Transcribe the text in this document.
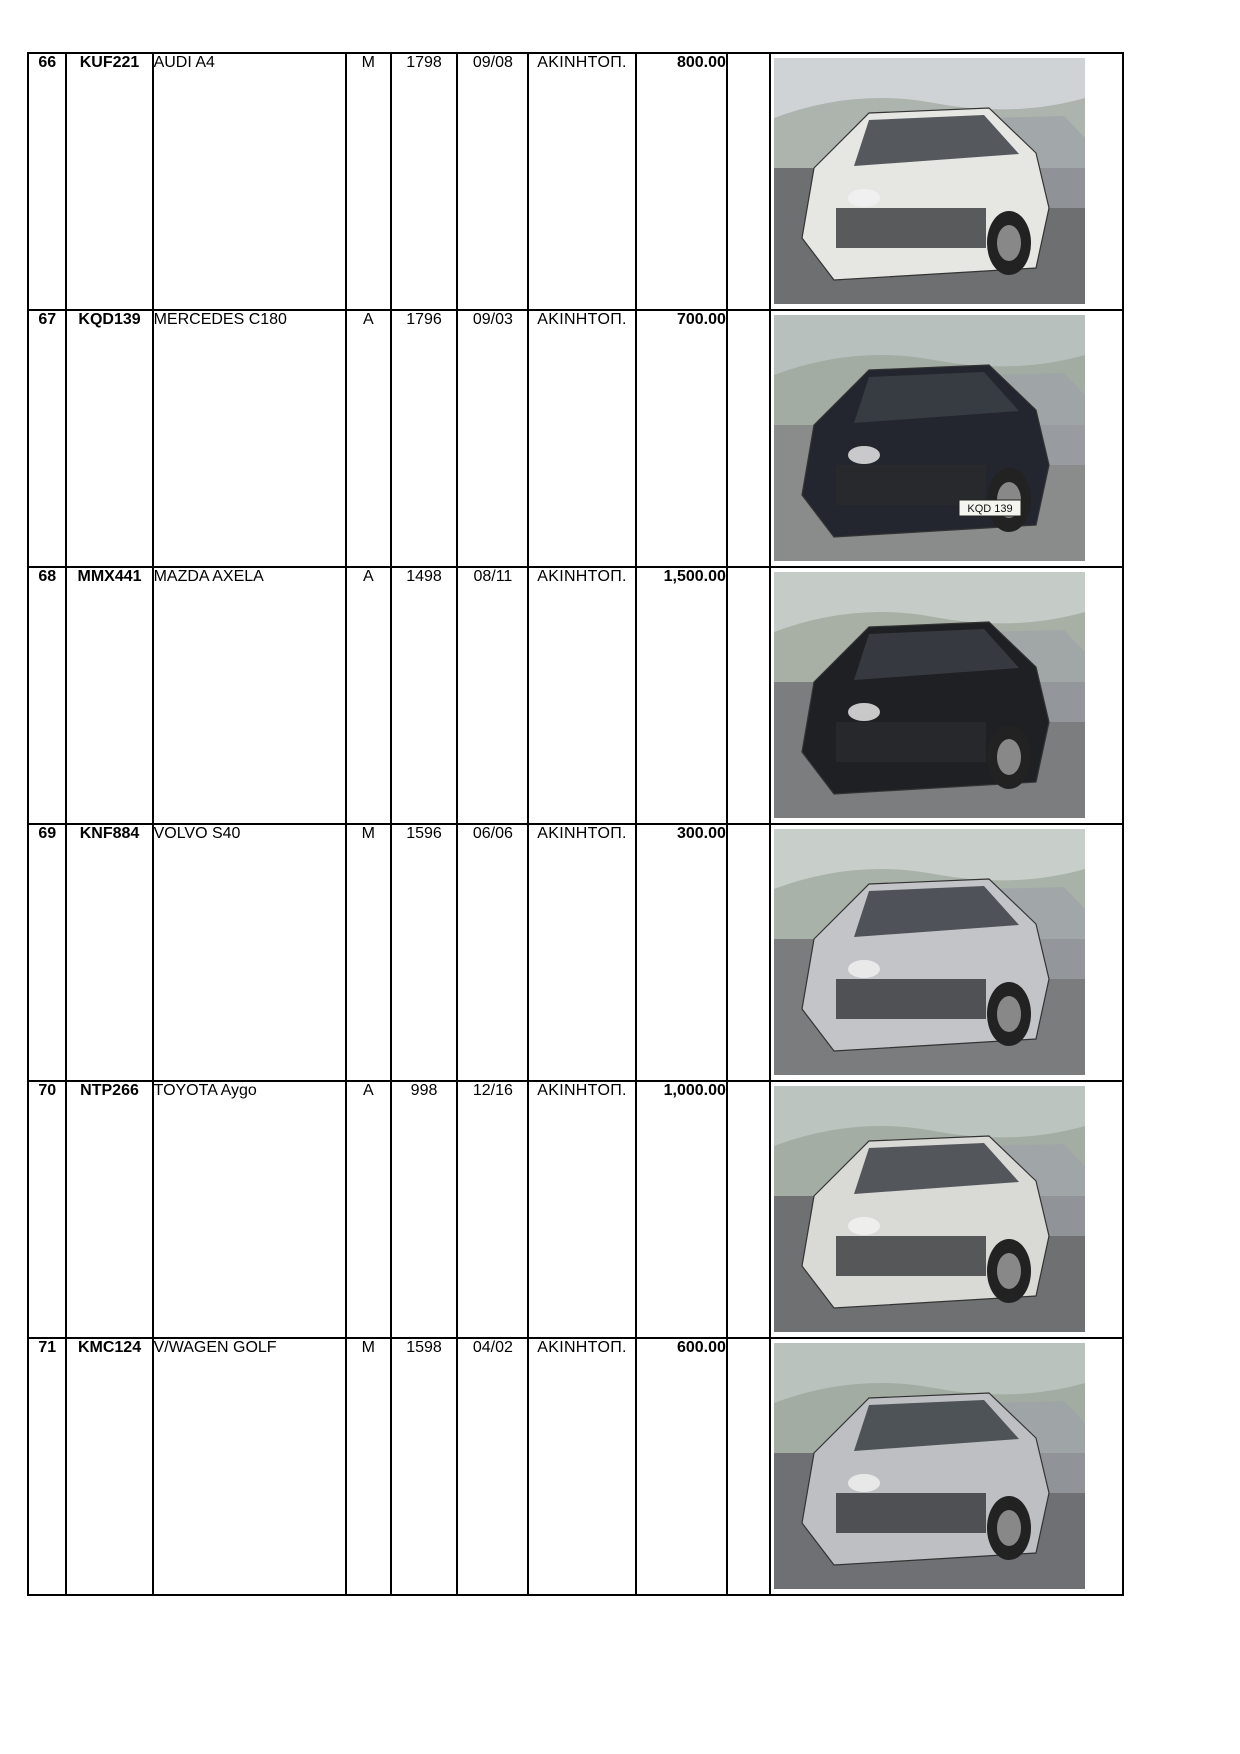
66	KUF221	AUDI A4	M	1798	09/08	ΑΚΙΝΗΤΟΠ.	800.00		

67	KQD139	MERCEDES C180	A	1796	09/03	ΑΚΙΝΗΤΟΠ.	700.00		KQD 139

68	MMX441	MAZDA AXELA	A	1498	08/11	ΑΚΙΝΗΤΟΠ.	1,500.00		

69	KNF884	VOLVO S40	M	1596	06/06	ΑΚΙΝΗΤΟΠ.	300.00		

70	NTP266	TOYOTA Aygo	A	998	12/16	ΑΚΙΝΗΤΟΠ.	1,000.00		

71	KMC124	V/WAGEN GOLF	M	1598	04/02	ΑΚΙΝΗΤΟΠ.	600.00		
